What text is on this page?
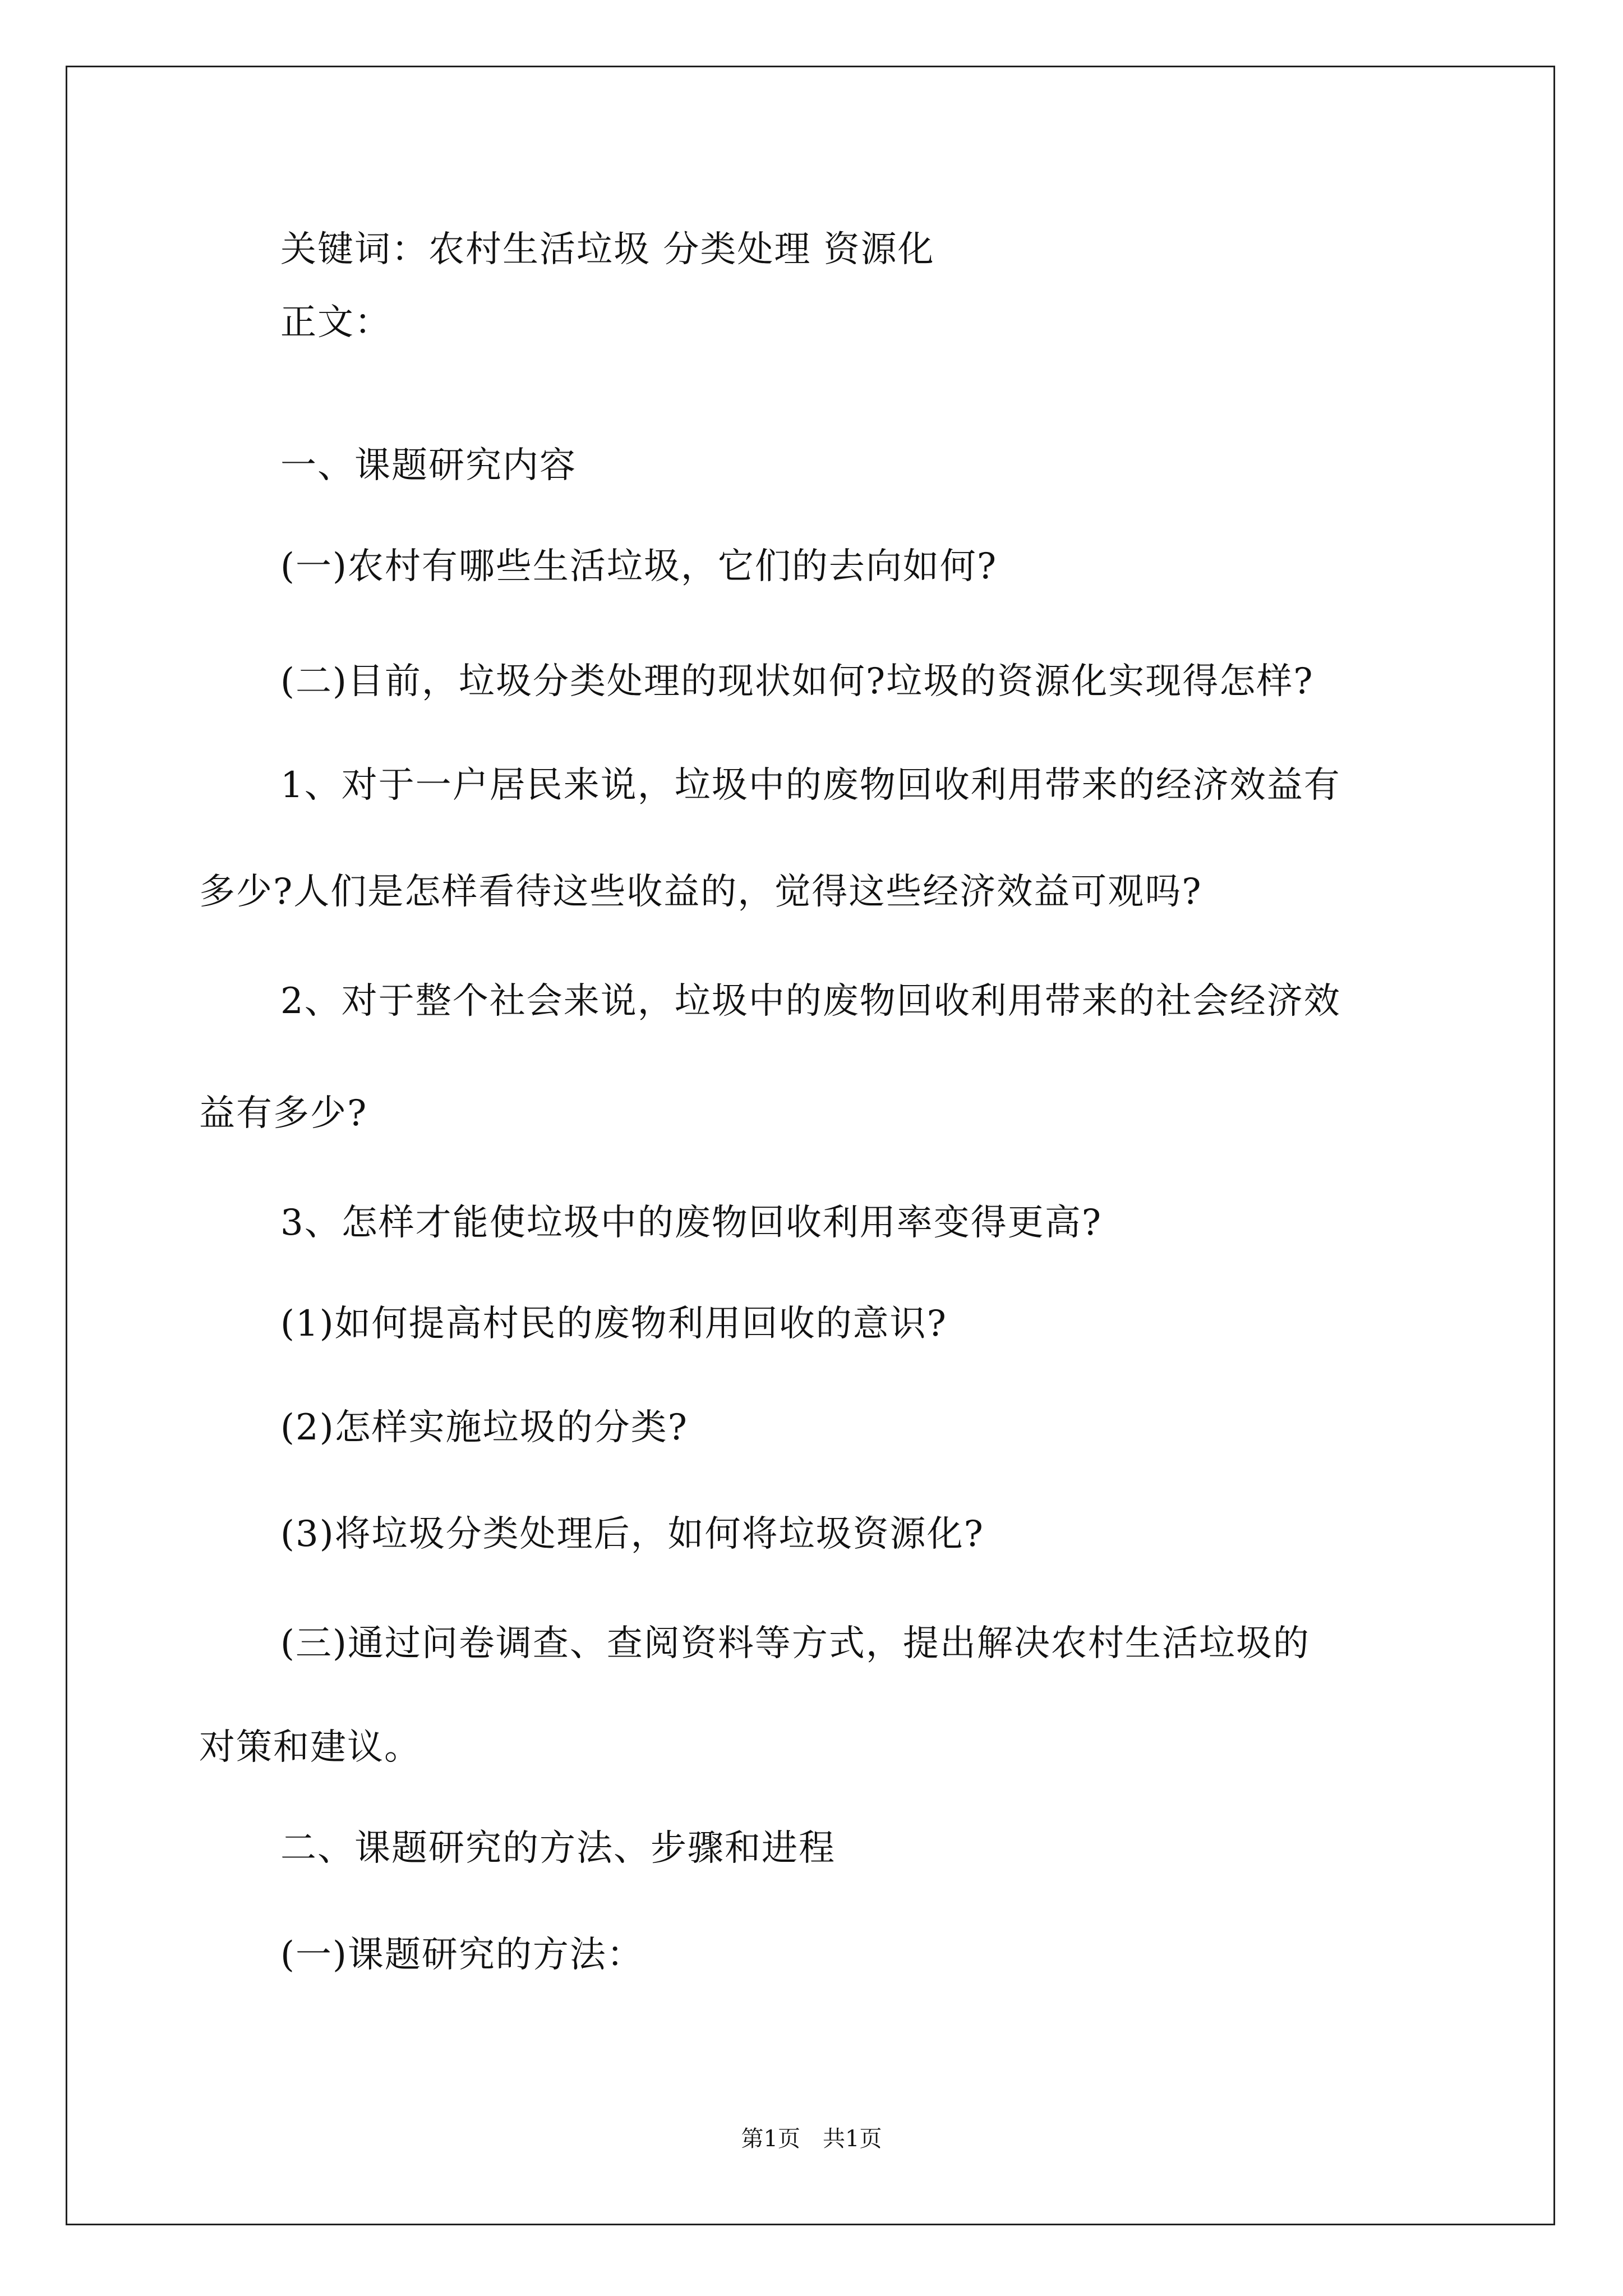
关键词：农村生活垃圾 分类处理 资源化
正文：
一、课题研究内容
(一)农村有哪些生活垃圾，它们的去向如何?
(二)目前，垃圾分类处理的现状如何?垃圾的资源化实现得怎样?
1、对于一户居民来说，垃圾中的废物回收利用带来的经济效益有
多少?人们是怎样看待这些收益的，觉得这些经济效益可观吗?
2、对于整个社会来说，垃圾中的废物回收利用带来的社会经济效
益有多少?
3、怎样才能使垃圾中的废物回收利用率变得更高?
(1)如何提高村民的废物利用回收的意识?
(2)怎样实施垃圾的分类?
(3)将垃圾分类处理后，如何将垃圾资源化?
(三)通过问卷调查、查阅资料等方式，提出解决农村生活垃圾的
对策和建议。
二、课题研究的方法、步骤和进程
(一)课题研究的方法：
第1页　共1页
